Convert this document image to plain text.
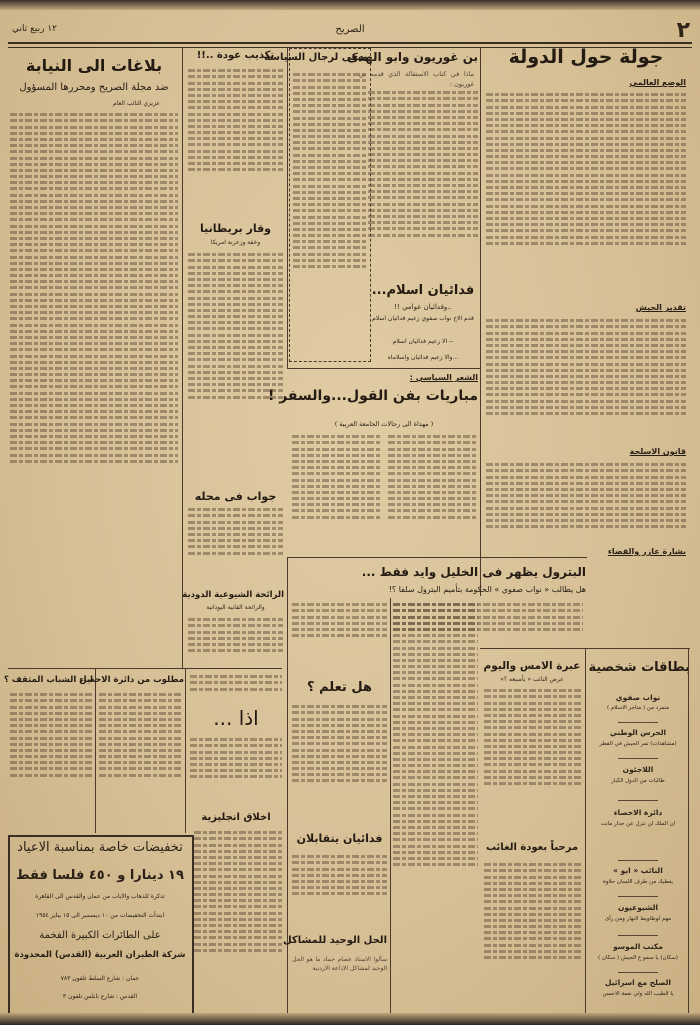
٢
الصريح
١٢ ربيع ثاني
جولة حول الدولة
الوضع العالمي
تقدير الجيش
قانون الاسلحة
بشارة عازر والقضاء
بن غوريون وابو الهدى
ماذا في كتاب الاستقالة الذي قدمه بن غوريون :
فدائيان اسلام...
..وفدائيان عوامي !!
قدم الاخ نواب صفوي زعيم فدائيان اسلام
-- الا زعيم فدائيان اسلام
...والا زعيم فدائيان واسلاماه
مبكى لرجال السياسة
تكذيب عودة ..!!
وقار بريطانيا
وخفة وزعرنة امريكا
جواب فى محله
الرائحة الشيوعية الدودية
والرائحة القانية اليودانية
بلاغات الى النيابة
ضد مجلة الصريح ومحررها المسؤول
عزيزي النائب العام
الشعر السياسي :
مباريات بفن القول...والسفر !
( مهداة الى رجالات الجامعة العربية )
البترول يظهر فى الخليل وايد فقط ...
هل يطالب « نواب صفوي » الحكومة بتأميم البترول سلفا ؟!
هل تعلم ؟
فدائيان يتقابلان
الحل الوحيد للمشاكل
سألوا الاستاذ عصام حماد ما هو الحل الوحيد لمشاكل الاذاعة الاردنية
عبرة الامس واليوم
عرض النائب « بأصبعه ؟»
مرحباً بعودة الغائب
بطاقات شخصية
نواب صفوي
متمرد من ( متاجر الاسلام )
الحرس الوطني
(مشاهدات) تمر الجيش في القطر
اللاجئون
طالبات من الدول الكبار
دائرة الاحصاء
ان الملك لن تنزل عن جدار ماتت
النائب « ابو »
يعطيك من طرف اللسان حلاوة
الشيوعيون
مهم لوطاويط النهار ومن رأى
مكتب الموسو
(سكان) يا سمو ع الجيش ( سكان )
الصلح مع اسرائيل
يا الطيب الله ولي نعمة الاحسن
اذا ...
اخلاق انجليزية
مطلوب من دائرة الاحصاء
اين الشباب المثقف ؟
تخفيضات خاصة بمناسبة الاعياد
١٩ دينارا و ٤٥٠ فلسا فقط
تذكرة للذهاب والاياب من عمان والقدس الى القاهرة
ابتدأت التخفيضات من ١٠ ديسمبر الى ١٥ يناير ١٩٥٤
على الطائرات الكبيرة الفخمة
شركة الطيران العربية (القدس) المحدودة
عمان : شارع السلط تلفون ٧٨٣
القدس : شارع نابلس تلفون ٣
